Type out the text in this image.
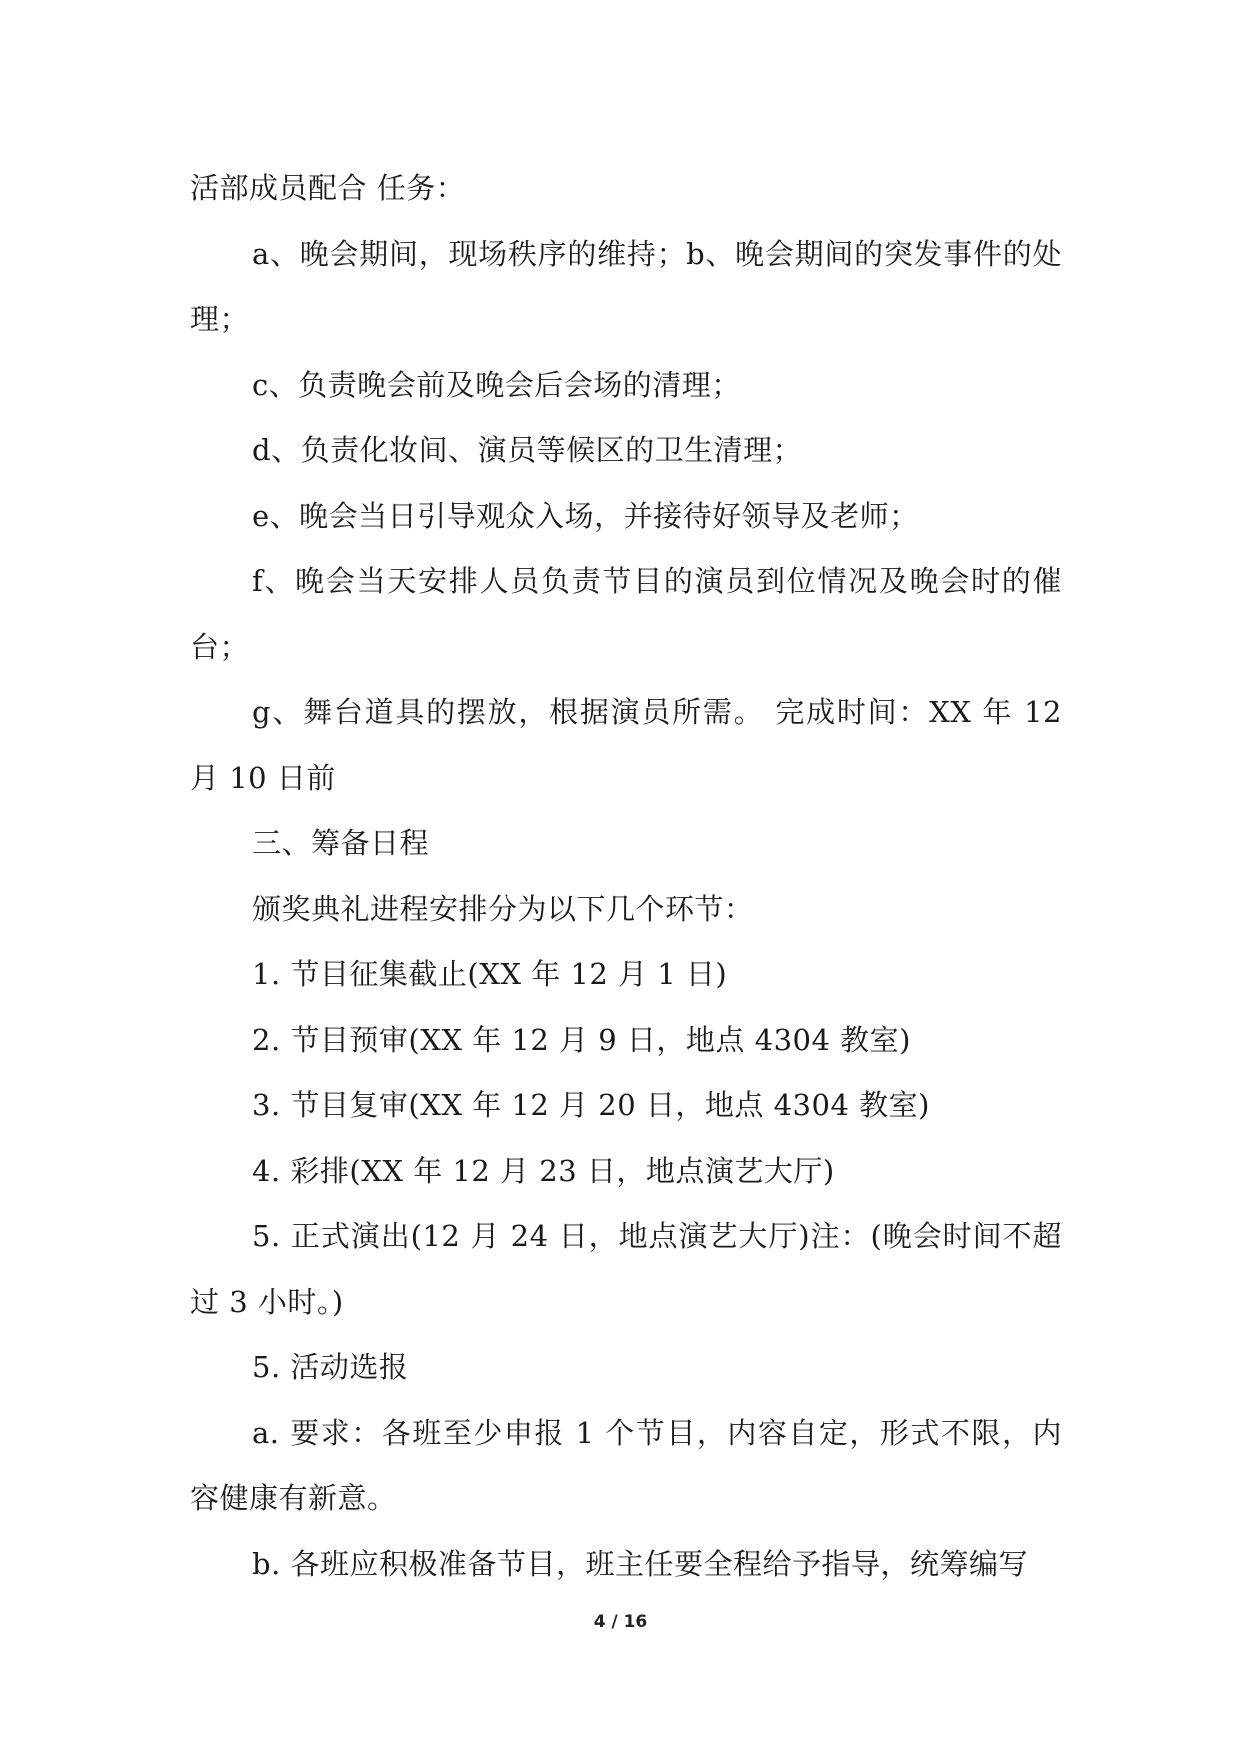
活部成员配合 任务：

a、晚会期间，现场秩序的维持；b、晚会期间的突发事件的处理；

c、负责晚会前及晚会后会场的清理；

d、负责化妆间、演员等候区的卫生清理；

e、晚会当日引导观众入场，并接待好领导及老师；

f、晚会当天安排人员负责节目的演员到位情况及晚会时的催台；

g、舞台道具的摆放，根据演员所需。 完成时间：XX 年 12 月 10 日前

三、筹备日程

颁奖典礼进程安排分为以下几个环节：

1. 节目征集截止(XX 年 12 月 1 日)

2. 节目预审(XX 年 12 月 9 日，地点 4304 教室)

3. 节目复审(XX 年 12 月 20 日，地点 4304 教室)

4. 彩排(XX 年 12 月 23 日，地点演艺大厅)

5. 正式演出(12 月 24 日，地点演艺大厅)注：(晚会时间不超过 3 小时。)

5. 活动选报

a. 要求：各班至少申报 1 个节目，内容自定，形式不限，内容健康有新意。

b. 各班应积极准备节目，班主任要全程给予指导，统筹编写

4 / 16
